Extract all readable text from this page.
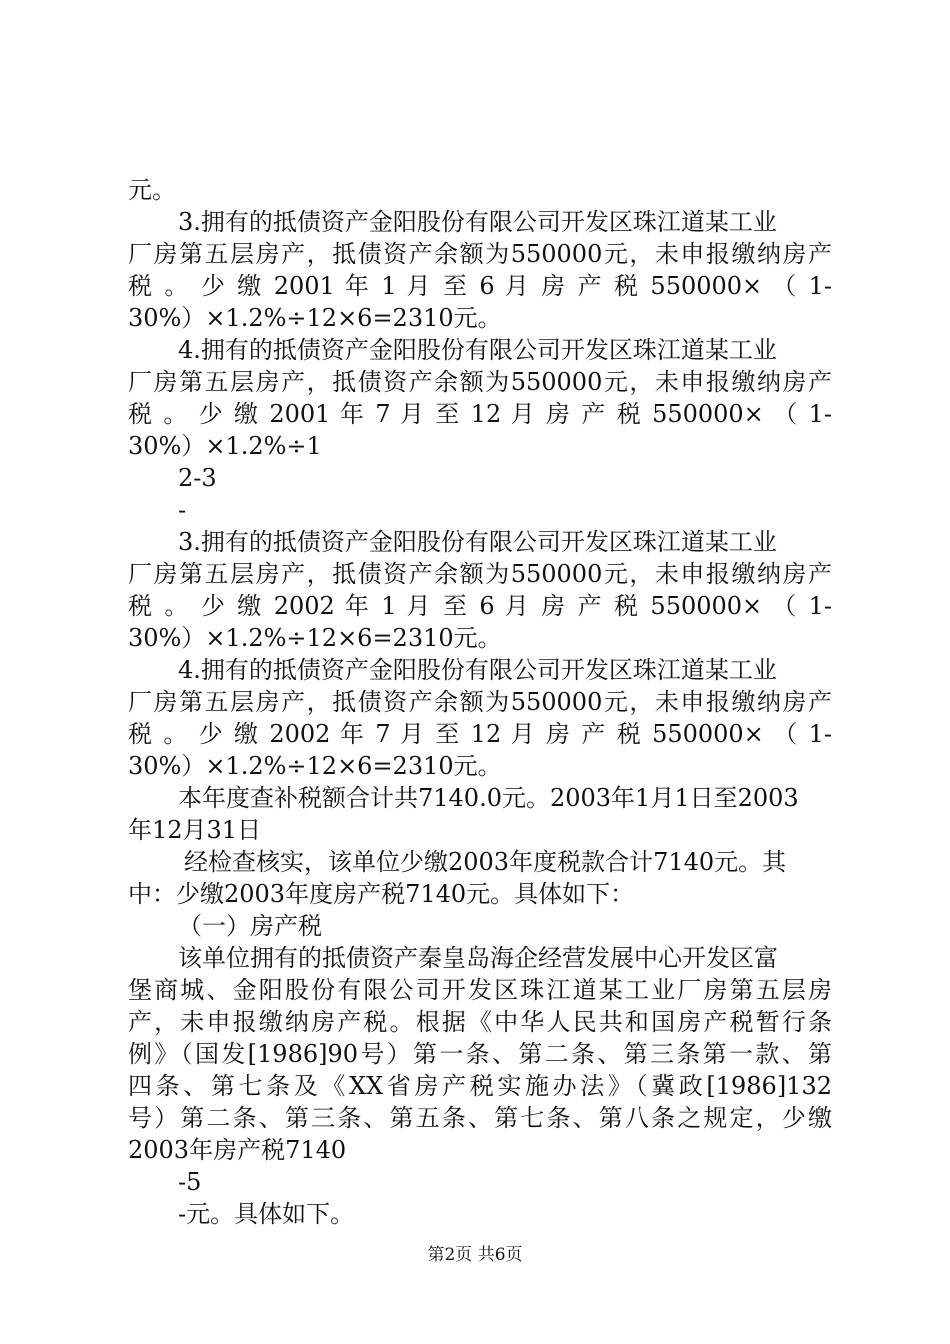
元。
3.拥有的抵债资产金阳股份有限公司开发区珠江道某工业
厂房第五层房产，抵债资产余额为550000元，未申报缴纳房产
税 。 少 缴 2001 年 1 月 至 6 月 房 产 税 550000× （ 1-
30%）×1.2%÷12×6=2310元。
4.拥有的抵债资产金阳股份有限公司开发区珠江道某工业
厂房第五层房产，抵债资产余额为550000元，未申报缴纳房产
税 。 少 缴 2001 年 7 月 至 12 月 房 产 税 550000× （ 1-
30%）×1.2%÷1
2-3
-
3.拥有的抵债资产金阳股份有限公司开发区珠江道某工业
厂房第五层房产，抵债资产余额为550000元，未申报缴纳房产
税 。 少 缴 2002 年 1 月 至 6 月 房 产 税 550000× （ 1-
30%）×1.2%÷12×6=2310元。
4.拥有的抵债资产金阳股份有限公司开发区珠江道某工业
厂房第五层房产，抵债资产余额为550000元，未申报缴纳房产
税 。 少 缴 2002 年 7 月 至 12 月 房 产 税 550000× （ 1-
30%）×1.2%÷12×6=2310元。
本年度查补税额合计共7140.0元。2003年1月1日至2003
年12月31日
经检查核实，该单位少缴2003年度税款合计7140元。其
中：少缴2003年度房产税7140元。具体如下：
（一）房产税
该单位拥有的抵债资产秦皇岛海企经营发展中心开发区富
堡商城、金阳股份有限公司开发区珠江道某工业厂房第五层房
产，未申报缴纳房产税。根据《中华人民共和国房产税暂行条
例》（国发[1986]90号）第一条、第二条、第三条第一款、第
四条、第七条及《XX省房产税实施办法》（冀政[1986]132
号）第二条、第三条、第五条、第七条、第八条之规定，少缴
2003年房产税7140
-5
-元。具体如下。
第2页 共6页
